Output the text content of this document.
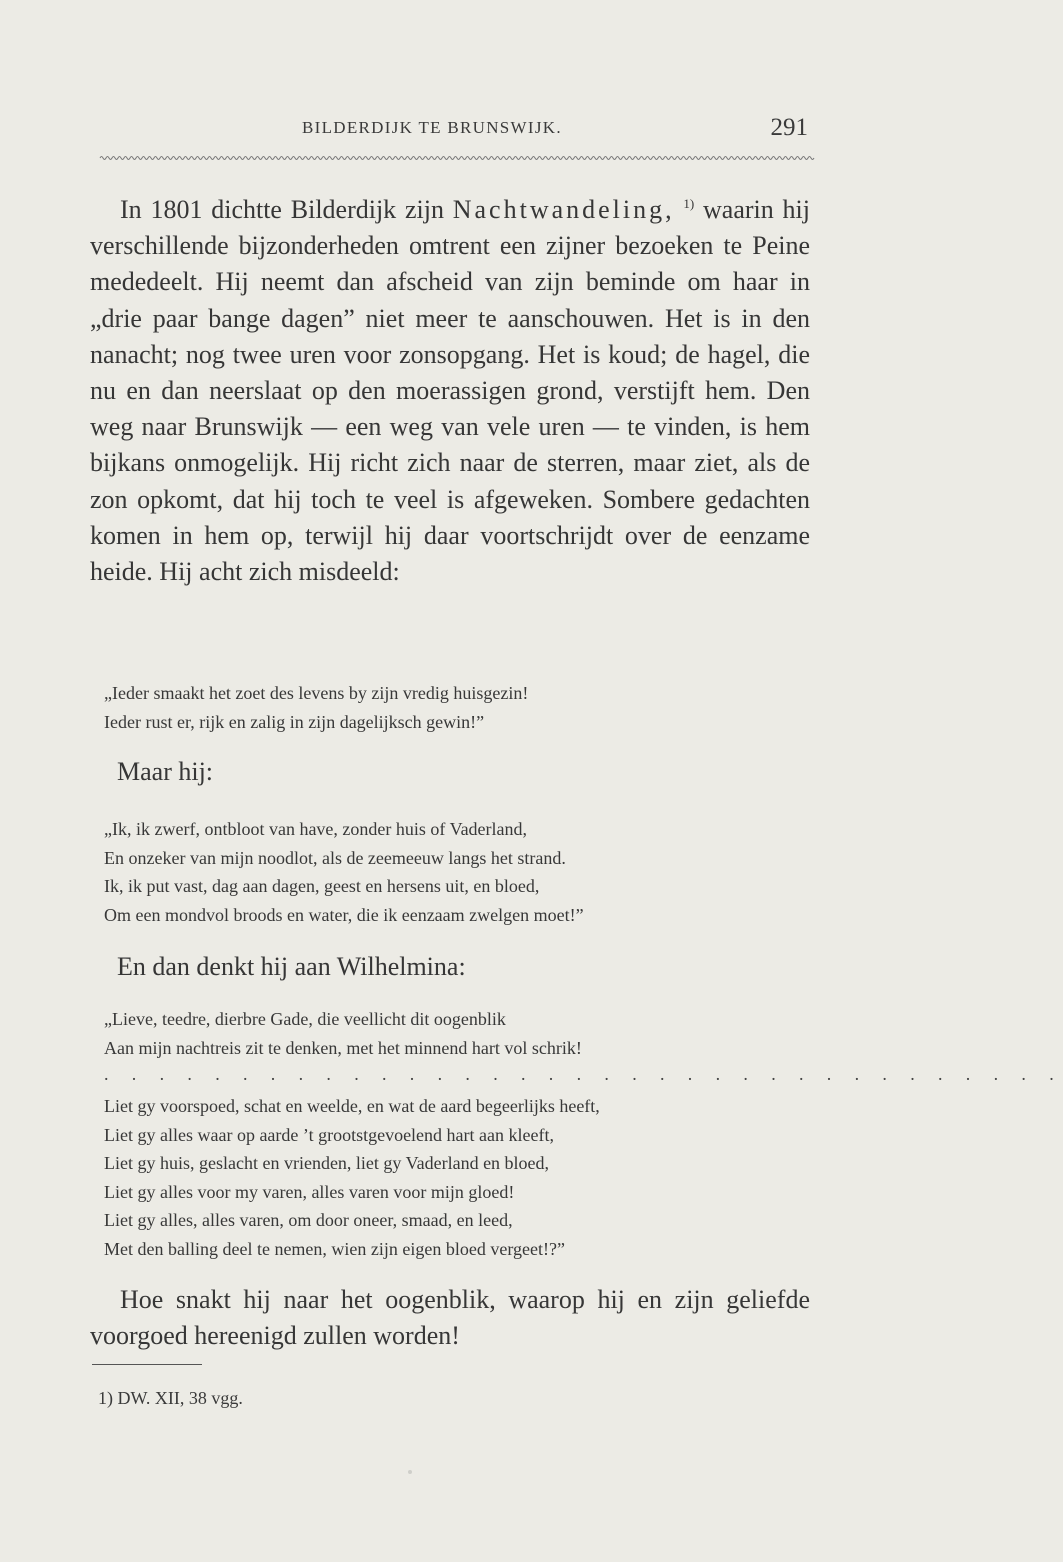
BILDERDIJK TE BRUNSWIJK.	291

In 1801 dichtte Bilderdijk zijn Nachtwandeling, $^{1)}$ waarin hij verschillende bijzonderheden omtrent een zijner bezoeken te Peine mededeelt. Hij neemt dan afscheid van zijn beminde om haar in „drie paar bange dagen” niet meer te aanschouwen. Het is in den nanacht; nog twee uren voor zonsopgang. Het is koud; de hagel, die nu en dan neerslaat op den moerassigen grond, verstijft hem. Den weg naar Brunswijk — een weg van vele uren — te vinden, is hem bijkans onmogelijk. Hij richt zich naar de sterren, maar ziet, als de zon opkomt, dat hij toch te veel is afgeweken. Sombere gedachten komen in hem op, terwijl hij daar voortschrijdt over de eenzame heide. Hij acht zich misdeeld:

„Ieder smaakt het zoet des levens by zijn vredig huisgezin!
Ieder rust er, rijk en zalig in zijn dagelijksch gewin!”
Maar hij:
„Ik, ik zwerf, ontbloot van have, zonder huis of Vaderland,
En onzeker van mijn noodlot, als de zeemeeuw langs het strand.
Ik, ik put vast, dag aan dagen, geest en hersens uit, en bloed,
Om een mondvol broods en water, die ik eenzaam zwelgen moet!”
En dan denkt hij aan Wilhelmina:
„Lieve, teedre, dierbre Gade, die veellicht dit oogenblik
Aan mijn nachtreis zit te denken, met het minnend hart vol schrik!
. . . . . . . . . . . . . . . . . . . . . . . . . . . . . . . . . . .
Liet gy voorspoed, schat en weelde, en wat de aard begeerlijks heeft,
Liet gy alles waar op aarde ’t grootstgevoelend hart aan kleeft,
Liet gy huis, geslacht en vrienden, liet gy Vaderland en bloed,
Liet gy alles voor my varen, alles varen voor mijn gloed!
Liet gy alles, alles varen, om door oneer, smaad, en leed,
Met den balling deel te nemen, wien zijn eigen bloed vergeet!?”

Hoe snakt hij naar het oogenblik, waarop hij en zijn geliefde voorgoed hereenigd zullen worden!

1) DW. XII, 38 vgg.
